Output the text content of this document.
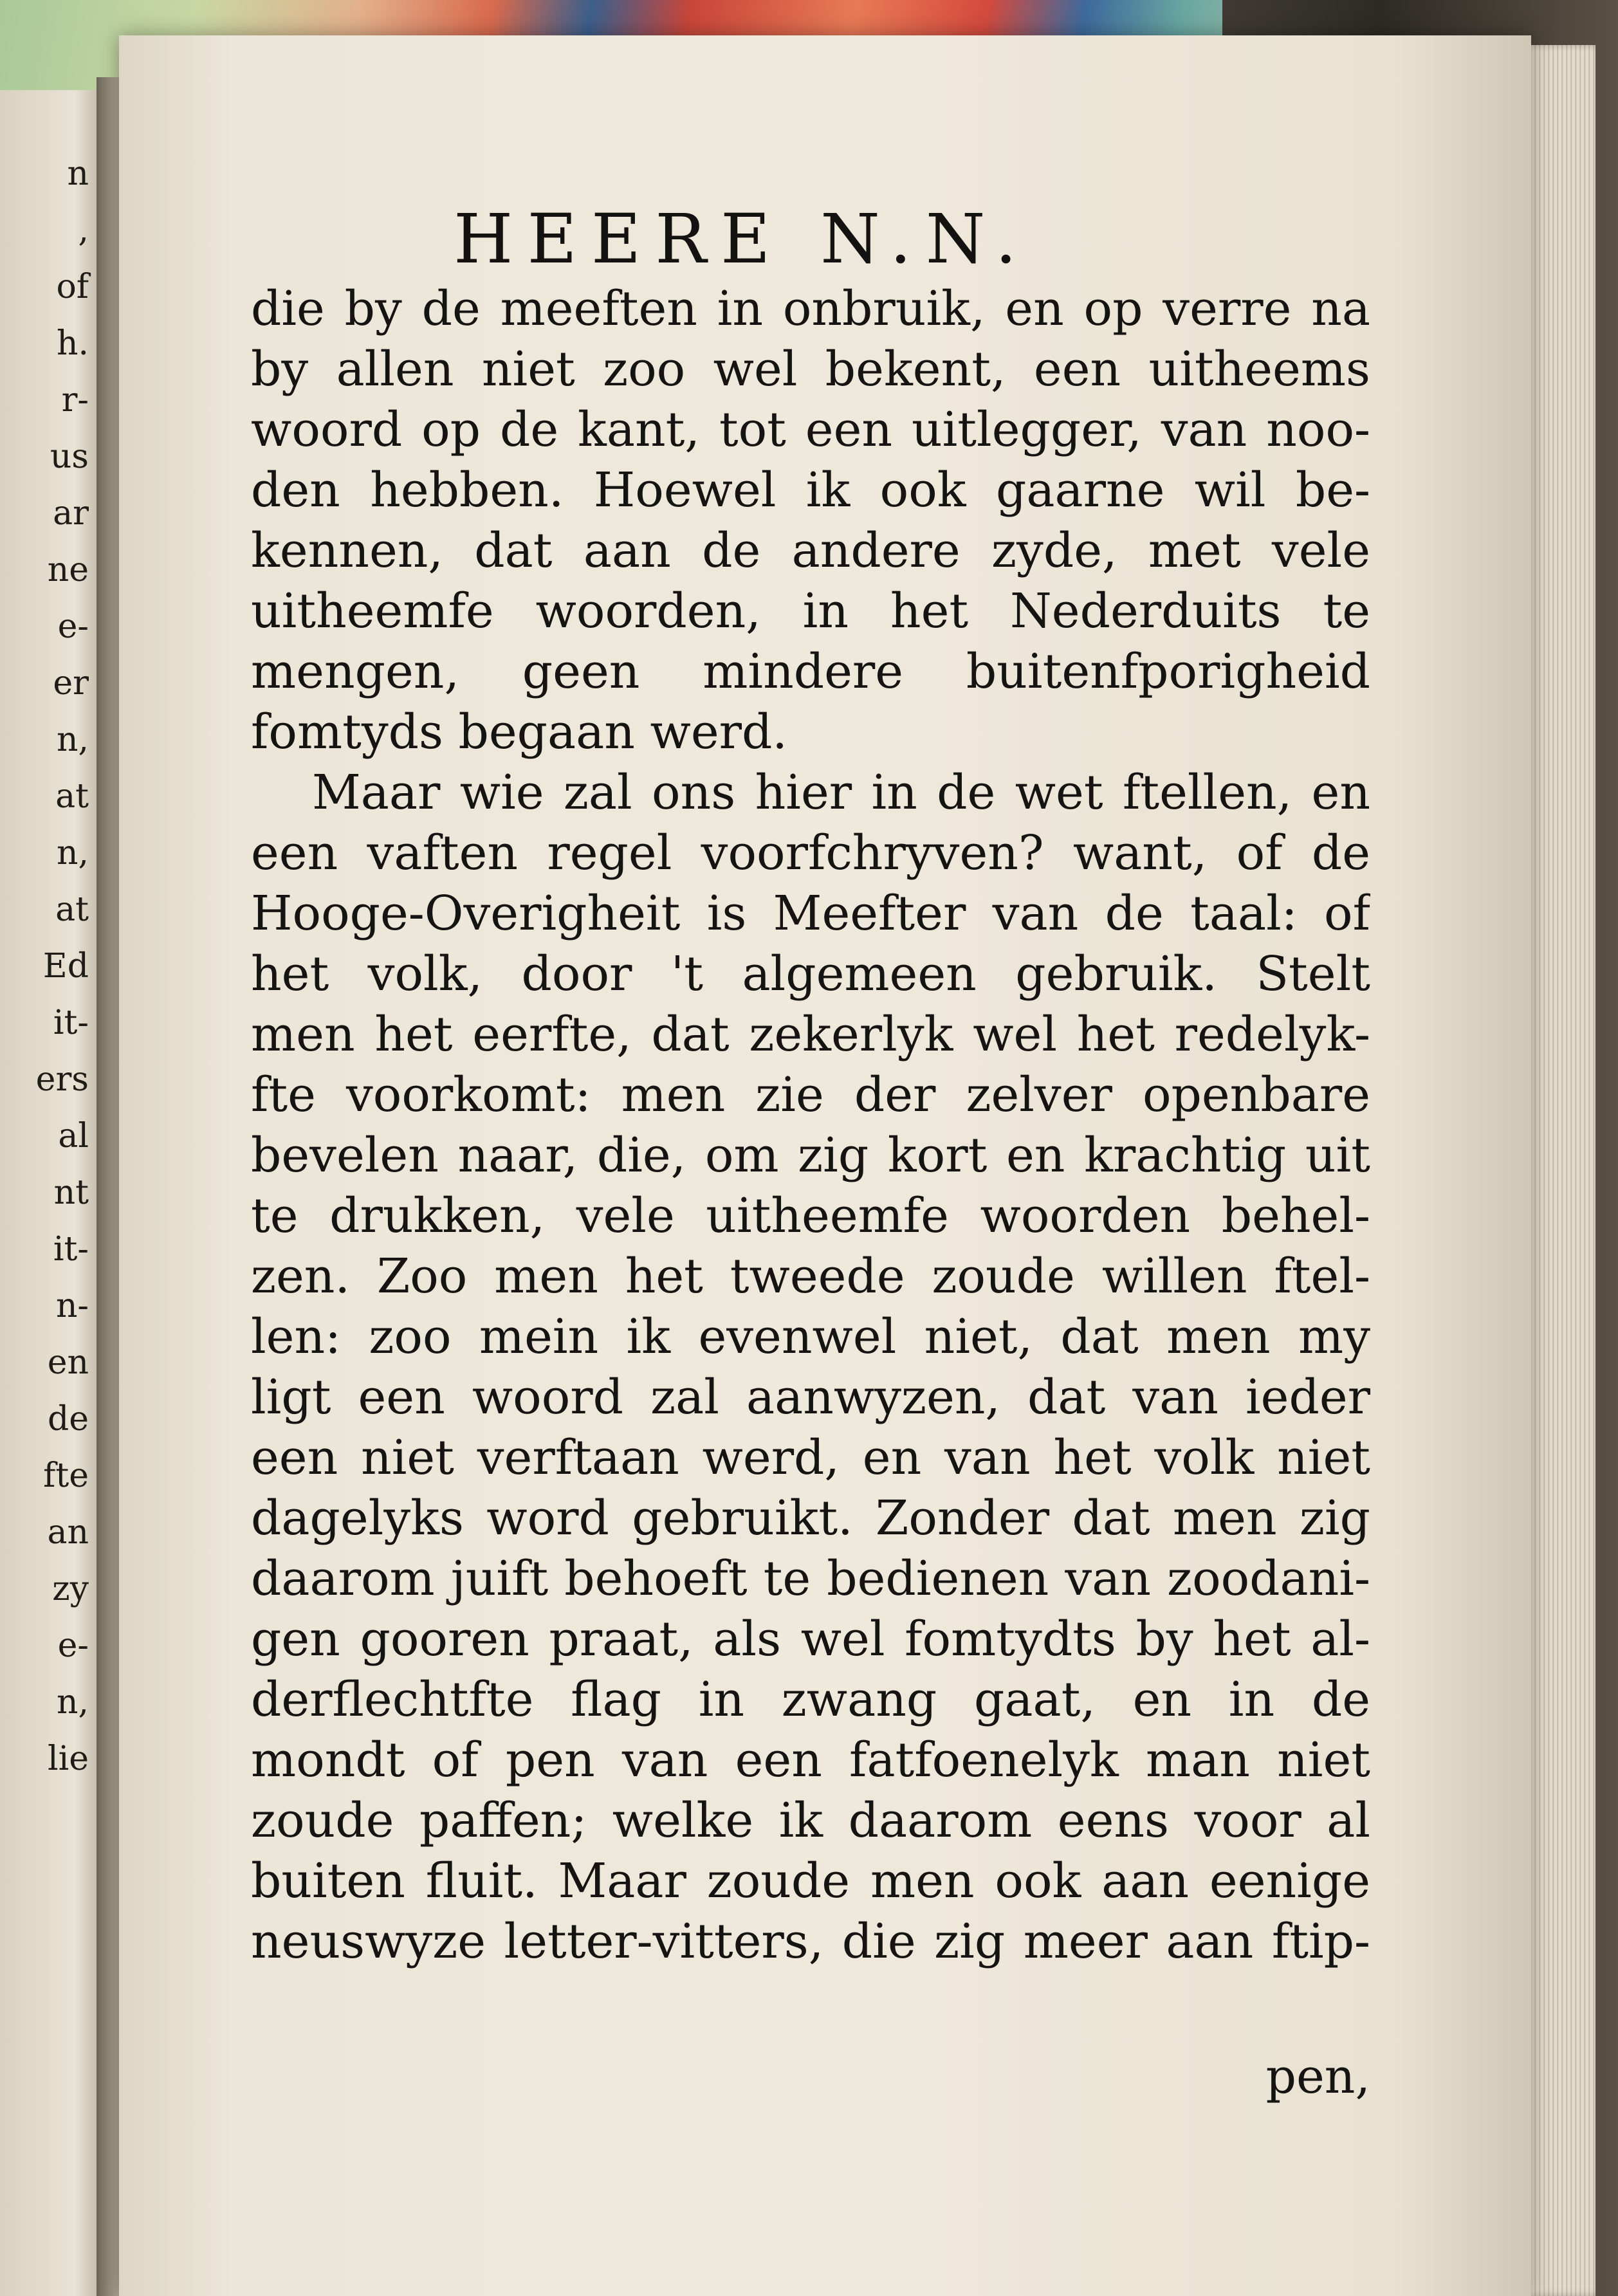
n
,
of
h.
r-
us
ar
ne
e-
er
n,
at
n,
at
Ed
it-
ers
al
nt
it-
n-
en
de
fte
an
zy
e-
n,
lie
HEERE N.N.
die by de meeften in onbruik, en op verre na
by allen niet zoo wel bekent, een uitheems
woord op de kant, tot een uitlegger, van noo-
den hebben. Hoewel ik ook gaarne wil be-
kennen, dat aan de andere zyde, met vele
uitheemfe woorden, in het Nederduits te
mengen, geen mindere buitenfporigheid
fomtyds begaan werd.
Maar wie zal ons hier in de wet ftellen, en
een vaften regel voorfchryven? want, of de
Hooge-Overigheit is Meefter van de taal: of
het volk, door 't algemeen gebruik. Stelt
men het eerfte, dat zekerlyk wel het redelyk-
fte voorkomt: men zie der zelver openbare
bevelen naar, die, om zig kort en krachtig uit
te drukken, vele uitheemfe woorden behel-
zen. Zoo men het tweede zoude willen ftel-
len: zoo mein ik evenwel niet, dat men my
ligt een woord zal aanwyzen, dat van ieder
een niet verftaan werd, en van het volk niet
dagelyks word gebruikt. Zonder dat men zig
daarom juift behoeft te bedienen van zoodani-
gen gooren praat, als wel fomtydts by het al-
derflechtfte flag in zwang gaat, en in de
mondt of pen van een fatfoenelyk man niet
zoude paffen; welke ik daarom eens voor al
buiten fluit. Maar zoude men ook aan eenige
neuswyze letter-vitters, die zig meer aan ftip-
pen,
